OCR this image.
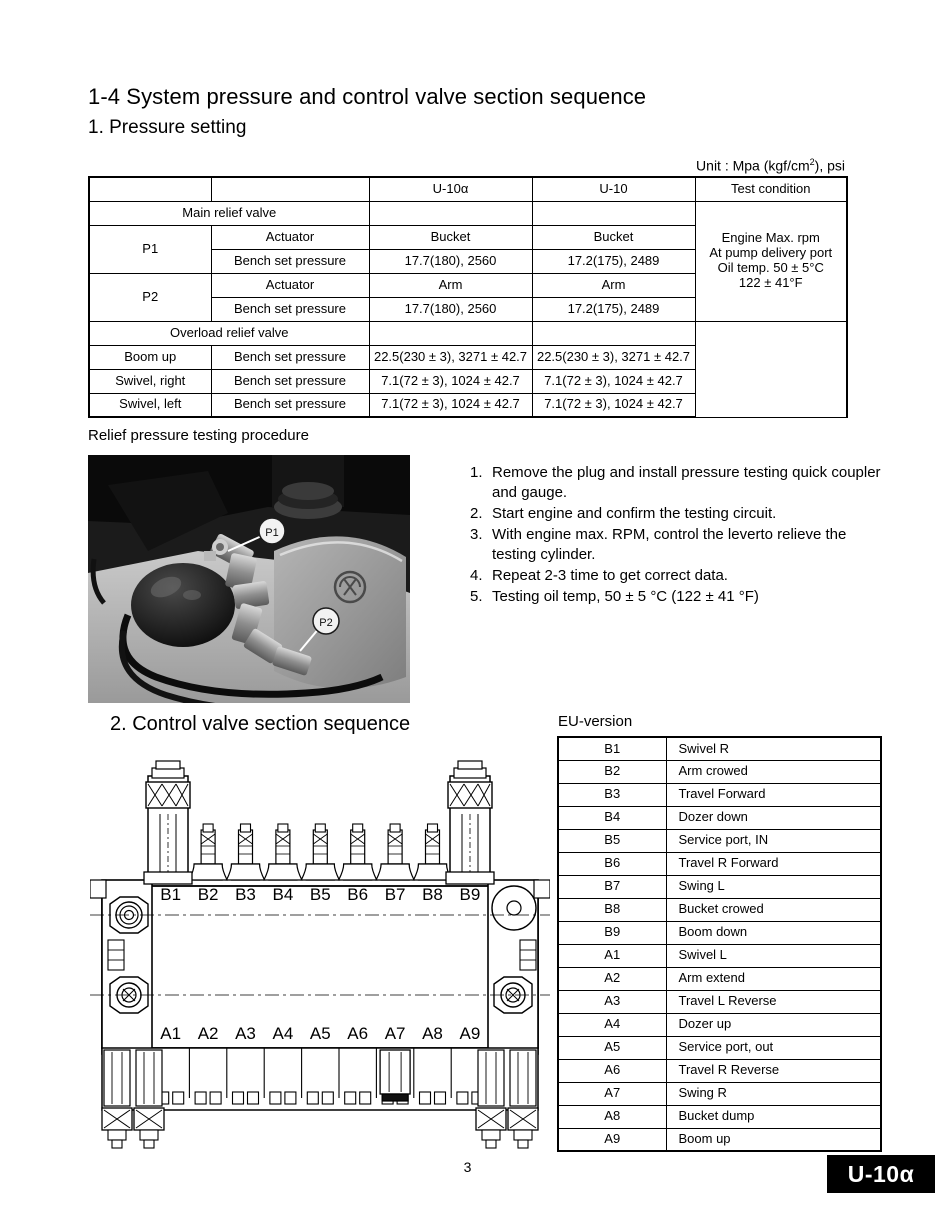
1-4 System pressure and control valve section sequence
1. Pressure setting
Unit : Mpa $(kgf/cm^2)$, psi
		U-10α	U-10	Test condition
Main relief valve				Engine Max. rpm
At pump delivery port
Oil temp. 50 ± 5°C
122 ± 41°F

P1	Actuator	Bucket	Bucket	
	Bench set pressure	17.7(180), 2560	17.2(175), 2489	
P2	Actuator	Arm	Arm	
	Bench set pressure	17.7(180), 2560	17.2(175), 2489	
Overload relief valve				
Boom up	Bench set pressure	22.5(230 ± 3), 3271 ± 42.7	22.5(230 ± 3), 3271 ± 42.7	
Swivel, right	Bench set pressure	7.1(72 ± 3), 1024 ± 42.7	7.1(72 ± 3), 1024 ± 42.7	
Swivel, left	Bench set pressure	7.1(72 ± 3), 1024 ± 42.7	7.1(72 ± 3), 1024 ± 42.7	
Relief pressure testing procedure
P1
P2
1. Remove the plug and install pressure testing quick coupler and gauge.
2. Start engine and confirm the testing circuit.
3. With engine max. RPM, control the leverto relieve the testing cylinder.
4. Repeat 2-3 time to get correct data.
5. Testing oil temp, 50 ± 5 °C (122 ± 41 °F)
2. Control valve section sequence	EU-version
B1	Swivel R
B2	Arm crowed
B3	Travel Forward
B4	Dozer down
B5	Service port, IN
B6	Travel R Forward
B7	Swing L
B8	Bucket crowed
B9	Boom down
A1	Swivel L
A2	Arm extend
A3	Travel L Reverse
A4	Dozer up
A5	Service port, out
A6	Travel R Reverse
A7	Swing R
A8	Bucket dump
A9	Boom up
B1
A1
B2
A2
B3
A3
B4
A4
B5
A5
B6
A6
B7
A7
B8
A8
B9
A9
3	U-10α
